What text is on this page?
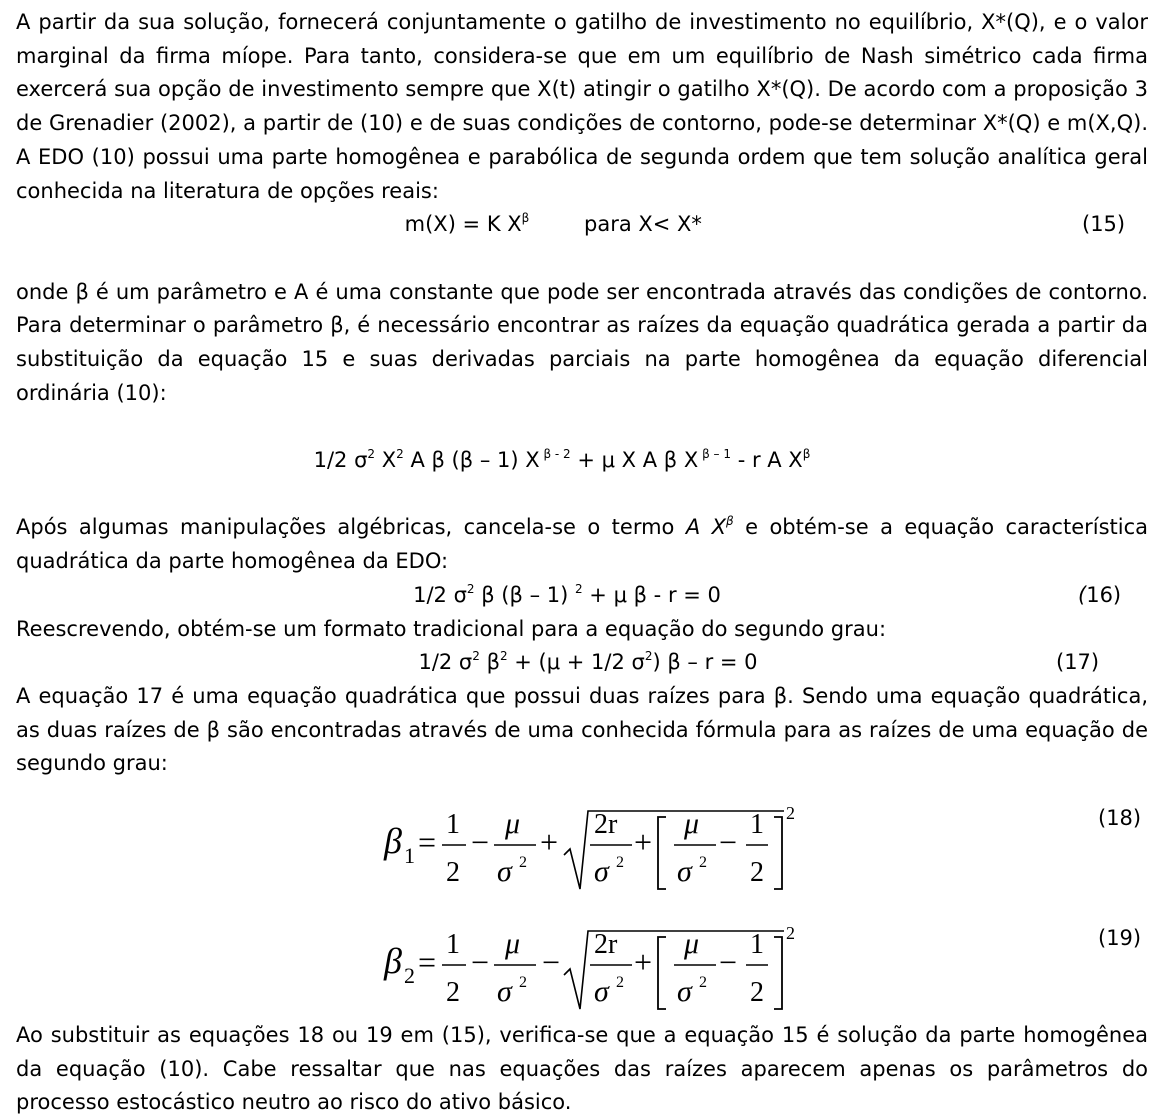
A partir da sua solução, fornecerá conjuntamente o gatilho de investimento no equilíbrio, X*(Q), e o valor marginal da firma míope. Para tanto, considera-se que em um equilíbrio de Nash simétrico cada firma exercerá sua opção de investimento sempre que X(t) atingir o gatilho X*(Q). De acordo com a proposição 3 de Grenadier (2002), a partir de (10) e de suas condições de contorno, pode-se determinar X*(Q) e m(X,Q). A EDO (10) possui uma parte homogênea e parabólica de segunda ordem que tem solução analítica geral conhecida na literatura de opções reais:

m(X) = K $X^\beta$	para X< X*	(15)

onde β é um parâmetro e A é uma constante que pode ser encontrada através das condições de contorno. Para determinar o parâmetro β, é necessário encontrar as raízes da equação quadrática gerada a partir da substituição da equação 15 e suas derivadas parciais na parte homogênea da equação diferencial ordinária (10):

1/2 $\sigma^2$ $X^2$ A β (β – 1) X $^{\beta - 2}$ + μ X A β X $^{\beta - 1}$ - r A $X^\beta$

Após algumas manipulações algébricas, cancela-se o termo A $X^\beta$ e obtém-se a equação característica quadrática da parte homogênea da EDO:

1/2 $\sigma^2$ β (β – 1) $^2$ + μ β - r = 0	(16)

Reescrevendo, obtém-se um formato tradicional para a equação do segundo grau:

1/2 $\sigma^2$ $\beta^2 + (\mu + 1/2$ $\sigma^2$) β – r = 0	(17)

A equação 17 é uma equação quadrática que possui duas raízes para β. Sendo uma equação quadrática, as duas raízes de β são encontradas através de uma conhecida fórmula para as raízes de uma equação de segundo grau:

β 1 = 1
2
−
μ
σ 2
+ 2r
σ 2
+
μ
σ 2
− 1
2
2	(18)
β 2 = 1
2
−
μ
σ 2
− 2r
σ 2
+
μ
σ 2
− 1
2
2	(19)

Ao substituir as equações 18 ou 19 em (15), verifica-se que a equação 15 é solução da parte homogênea da equação (10). Cabe ressaltar que nas equações das raízes aparecem apenas os parâmetros do processo estocástico neutro ao risco do ativo básico.
